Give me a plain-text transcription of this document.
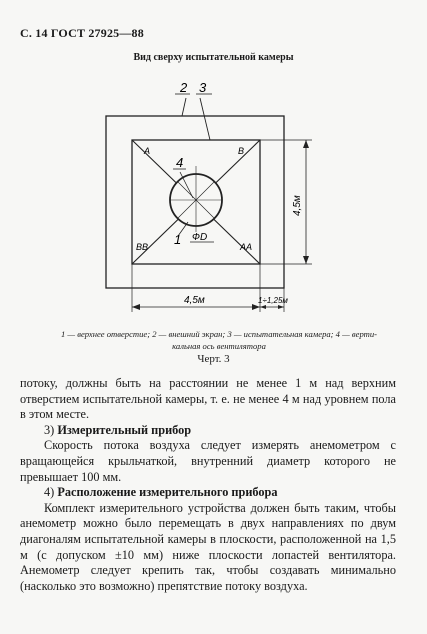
С. 14 ГОСТ 27925—88
Вид сверху испытательной камеры
2 3
4
1 ФD
А	В
ВВ	АА
4,5м
4,5м	1÷1,25м
1 — верхнее отверстие; 2 — внешний экран; 3 — испытательная камера; 4 — верти-
кальная ось вентилятора
Черт. 3

потоку, должны быть на расстоянии не менее 1 м над верхним отверстием испытательной камеры, т. е. не менее 4 м над уровнем пола в этом месте.

3) Измерительный прибор

Скорость потока воздуха следует измерять анемометром с вращающейся крыльчаткой, внутренний диаметр которого не превышает 100 мм.

4) Расположение измерительного прибора

Комплект измерительного устройства должен быть таким, чтобы анемометр можно было перемещать в двух направлениях по двум диагоналям испытательной камеры в плоскости, расположенной на 1,5 м (с допуском ±10 мм) ниже плоскости лопастей вентилятора. Анемометр следует крепить так, чтобы создавать минимально (насколько это возможно) препятствие потоку воздуха.
